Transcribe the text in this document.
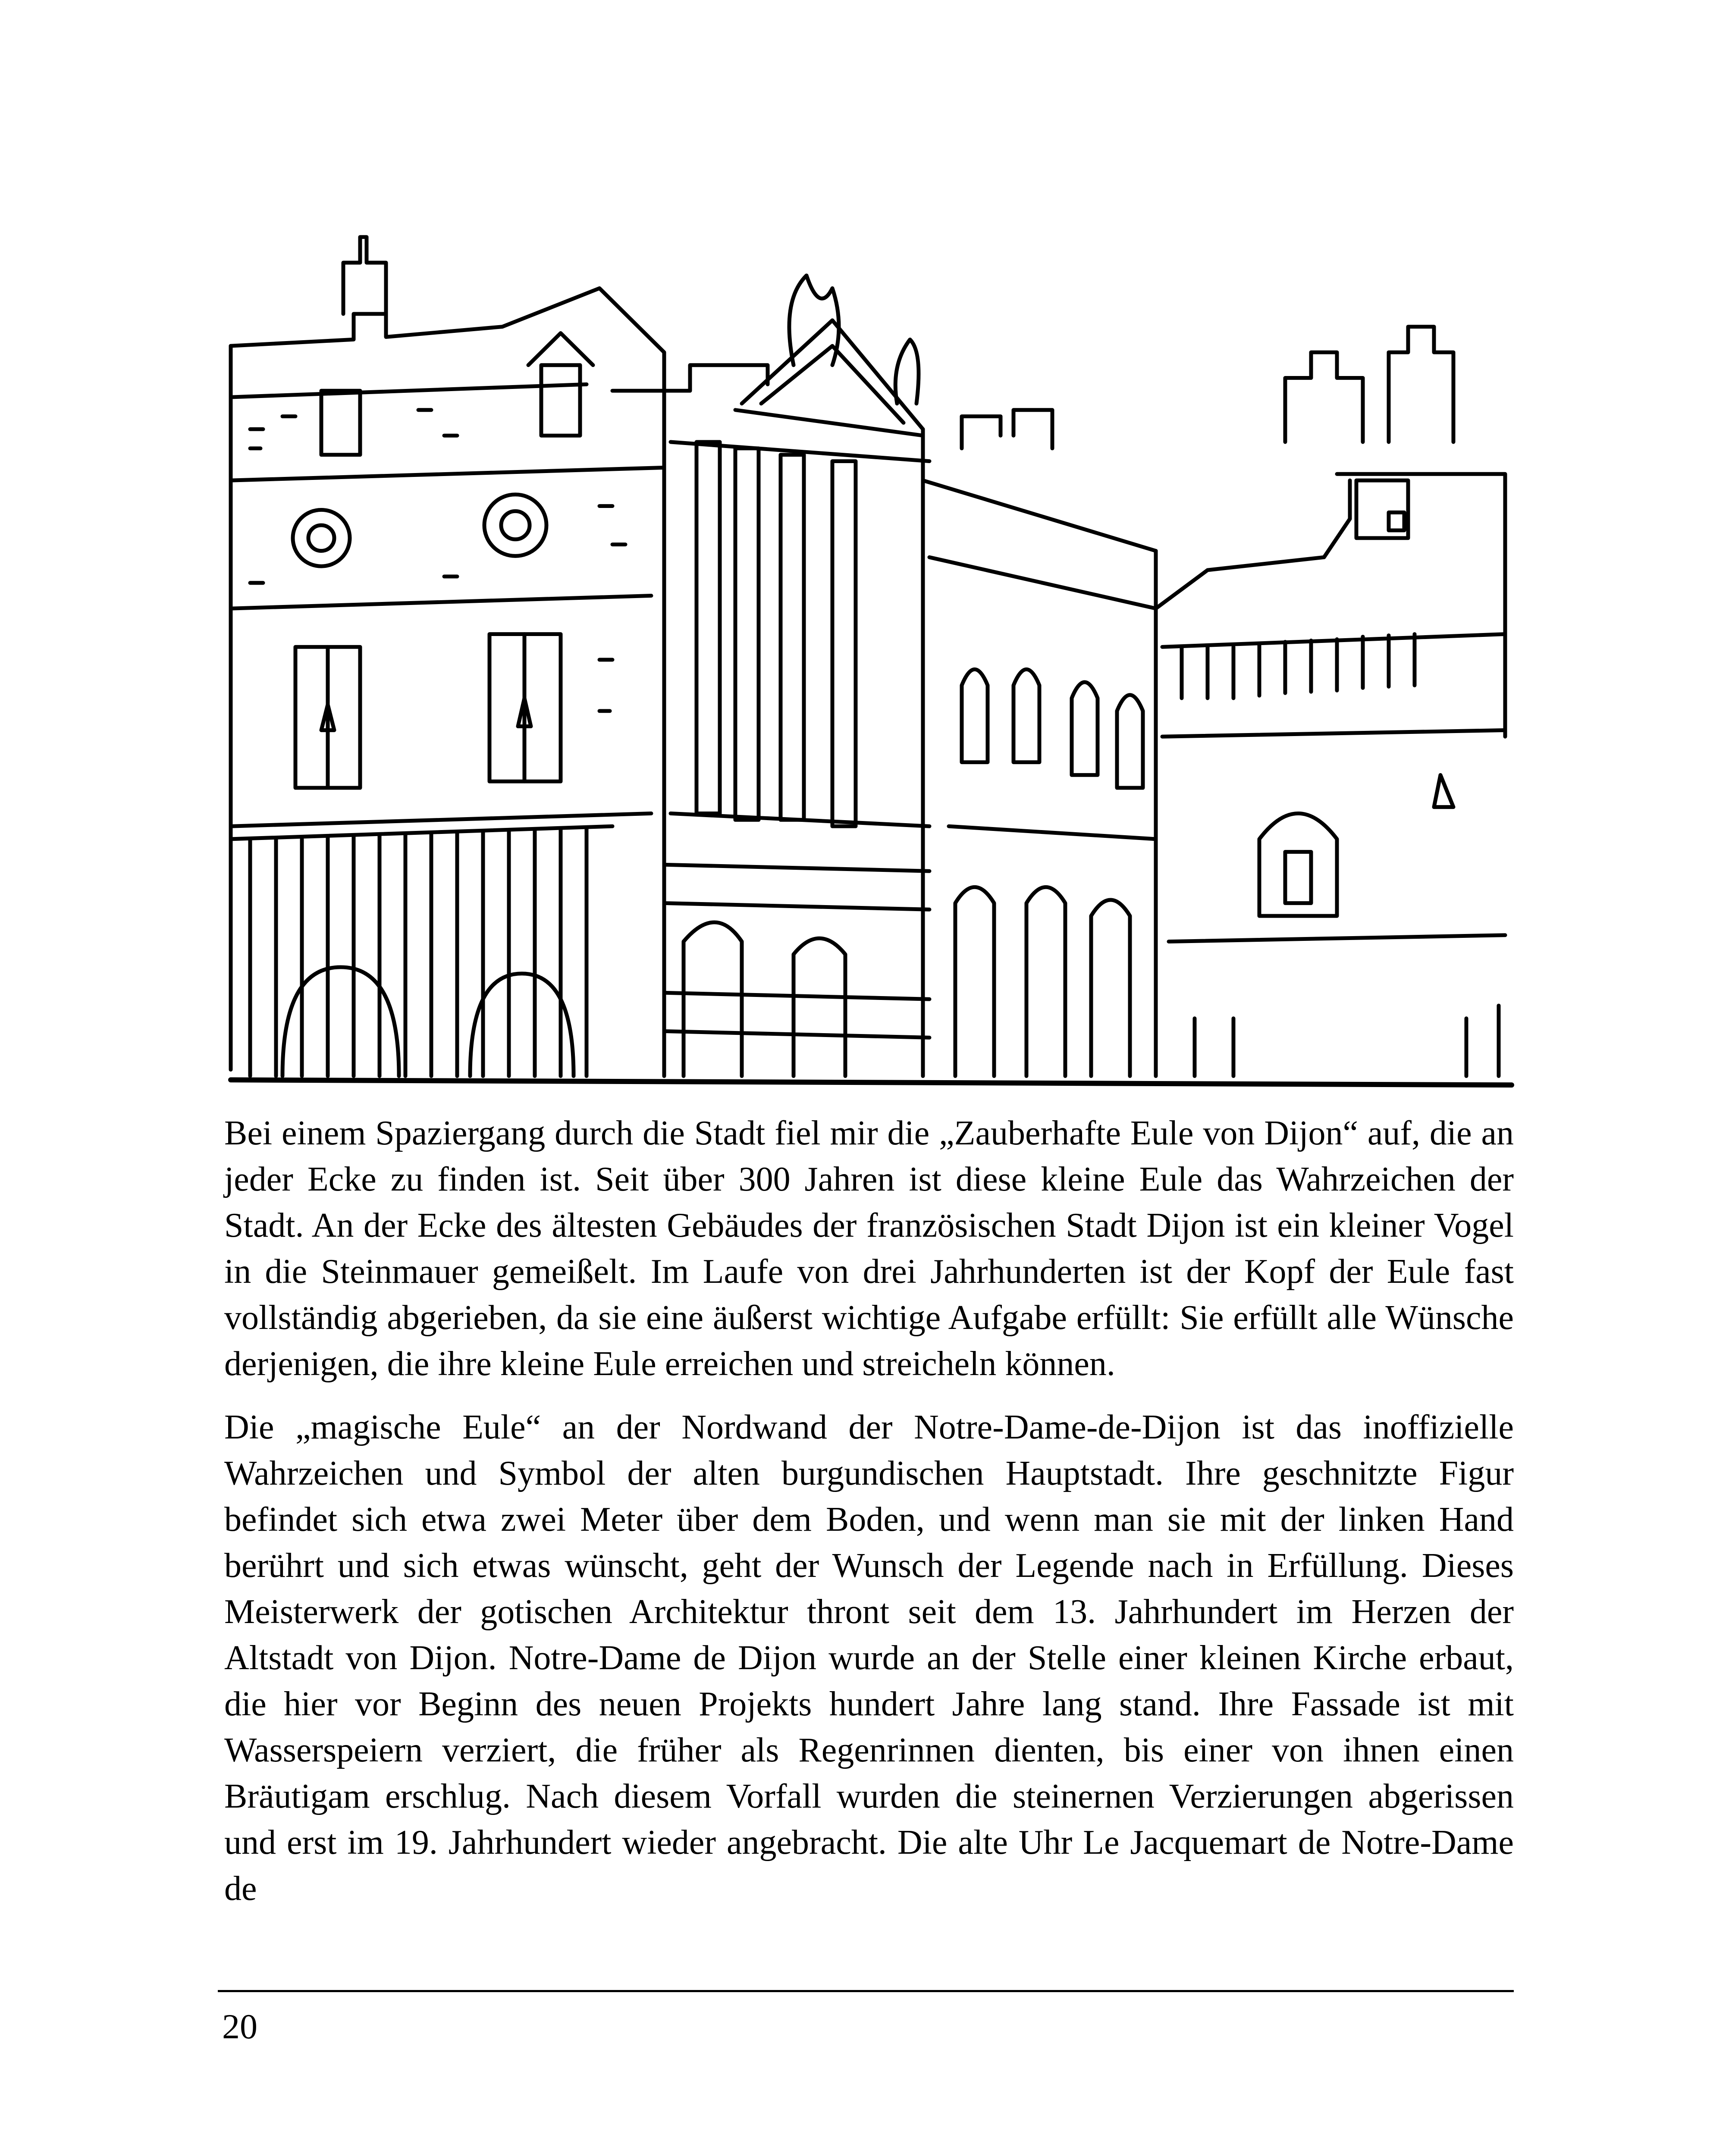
Bei einem Spaziergang durch die Stadt fiel mir die „Zauberhafte Eule von Dijon“ auf, die an jeder Ecke zu finden ist. Seit über 300 Jahren ist diese kleine Eule das Wahrzeichen der Stadt. An der Ecke des ältesten Gebäudes der französischen Stadt Dijon ist ein kleiner Vogel in die Steinmauer gemeißelt. Im Laufe von drei Jahrhunderten ist der Kopf der Eule fast vollständig abgerieben, da sie eine äußerst wichtige Aufgabe erfüllt: Sie erfüllt alle Wünsche derjenigen, die ihre kleine Eule erreichen und streicheln können.

Die „magische Eule“ an der Nordwand der Notre-Dame-de-Dijon ist das inoffizielle Wahrzeichen und Symbol der alten burgundischen Hauptstadt. Ihre geschnitzte Figur befindet sich etwa zwei Meter über dem Boden, und wenn man sie mit der linken Hand berührt und sich etwas wünscht, geht der Wunsch der Legende nach in Erfüllung. Dieses Meisterwerk der gotischen Architektur thront seit dem 13. Jahrhundert im Herzen der Altstadt von Dijon. Notre-Dame de Dijon wurde an der Stelle einer kleinen Kirche erbaut, die hier vor Beginn des neuen Projekts hundert Jahre lang stand. Ihre Fassade ist mit Wasserspeiern verziert, die früher als Regenrinnen dienten, bis einer von ihnen einen Bräutigam erschlug. Nach diesem Vorfall wurden die steinernen Verzierungen abgerissen und erst im 19. Jahrhundert wieder angebracht. Die alte Uhr Le Jacquemart de Notre-Dame de

20
